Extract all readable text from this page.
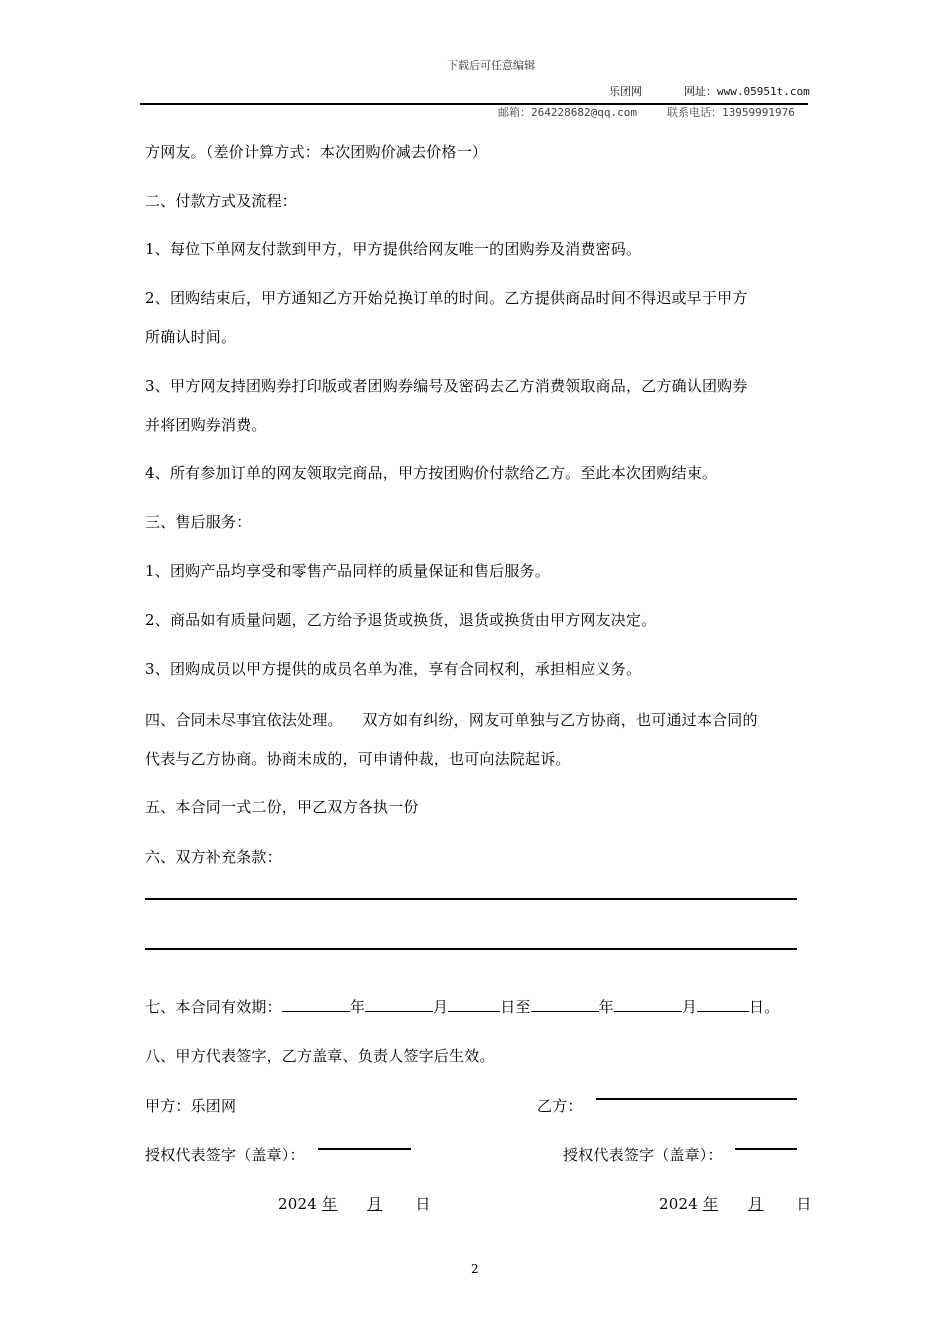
下载后可任意编辑
乐团网	网址：www.05951t.com
邮箱：264228682@qq.com	联系电话：13959991976
方网友。（差价计算方式：本次团购价减去价格一）
二、付款方式及流程：
1、每位下单网友付款到甲方，甲方提供给网友唯一的团购券及消费密码。
2、团购结束后，甲方通知乙方开始兑换订单的时间。乙方提供商品时间不得迟或早于甲方
所确认时间。
3、甲方网友持团购券打印版或者团购券编号及密码去乙方消费领取商品，乙方确认团购券
并将团购券消费。
4、所有参加订单的网友领取完商品，甲方按团购价付款给乙方。至此本次团购结束。
三、售后服务：
1、团购产品均享受和零售产品同样的质量保证和售后服务。
2、商品如有质量问题，乙方给予退货或换货，退货或换货由甲方网友决定。
3、团购成员以甲方提供的成员名单为准，享有合同权利，承担相应义务。
四、合同未尽事宜依法处理。    双方如有纠纷，网友可单独与乙方协商，也可通过本合同的
代表与乙方协商。协商未成的，可申请仲裁，也可向法院起诉。
五、本合同一式二份，甲乙双方各执一份
六、双方补充条款：
七、本合同有效期：	年	月	日至	年	月	日。
八、甲方代表签字，乙方盖章、负责人签字后生效。
甲方：乐团网	乙方：
授权代表签字（盖章）：	授权代表签字（盖章）：
2024 年 月 日	2024 年 月 日
2
